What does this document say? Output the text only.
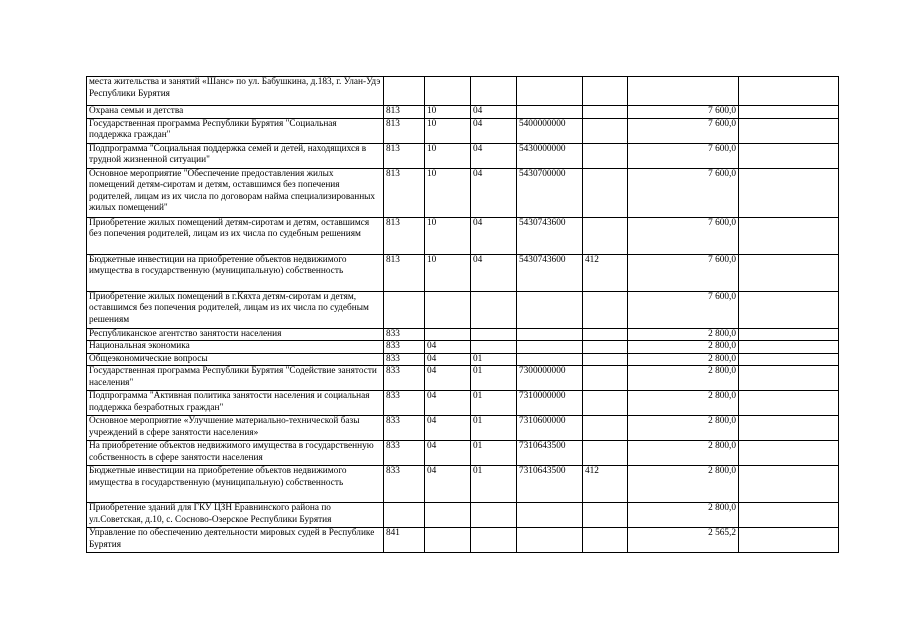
места жительства и занятий «Шанс» по ул. Бабушкина, д.183, г. Улан-Удэ Республики Бурятия							
Охрана семьи и детства	813	10	04			7 600,0	
Государственная программа Республики Бурятия "Социальная поддержка граждан"	813	10	04	5400000000		7 600,0	
Подпрограмма "Социальная поддержка семей и детей, находящихся в трудной жизненной ситуации"	813	10	04	5430000000		7 600,0	
Основное мероприятие "Обеспечение предоставления жилых помещений детям-сиротам и детям, оставшимся без попечения родителей, лицам из их числа по договорам найма специализированных жилых помещений"	813	10	04	5430700000		7 600,0	
Приобретение жилых помещений детям-сиротам и детям, оставшимся без попечения родителей, лицам из их числа по судебным решениям	813	10	04	5430743600		7 600,0	
Бюджетные инвестиции на приобретение объектов недвижимого имущества в государственную (муниципальную) собственность	813	10	04	5430743600	412	7 600,0	
Приобретение жилых помещений в г.Кяхта детям-сиротам и детям, оставшимся без попечения родителей, лицам из их числа по судебным решениям						7 600,0	
Республиканское агентство занятости населения	833					2 800,0	
Национальная экономика	833	04				2 800,0	
Общеэкономические вопросы	833	04	01			2 800,0	
Государственная программа Республики Бурятия "Содействие занятости населения"	833	04	01	7300000000		2 800,0	
Подпрограмма "Активная политика занятости населения и социальная поддержка безработных граждан"	833	04	01	7310000000		2 800,0	
Основное мероприятие «Улучшение материально-технической базы учреждений в сфере занятости населения»	833	04	01	7310600000		2 800,0	
На приобретение объектов недвижимого имущества в государственную собственность в сфере занятости населения	833	04	01	7310643500		2 800,0	
Бюджетные инвестиции на приобретение объектов недвижимого имущества в государственную (муниципальную) собственность	833	04	01	7310643500	412	2 800,0	
Приобретение зданий для ГКУ ЦЗН Еравнинского района по ул.Советская, д.10, с. Сосново-Озерское Республики Бурятия						2 800,0	
Управление по обеспечению деятельности мировых судей в Республике Бурятия	841					2 565,2	
